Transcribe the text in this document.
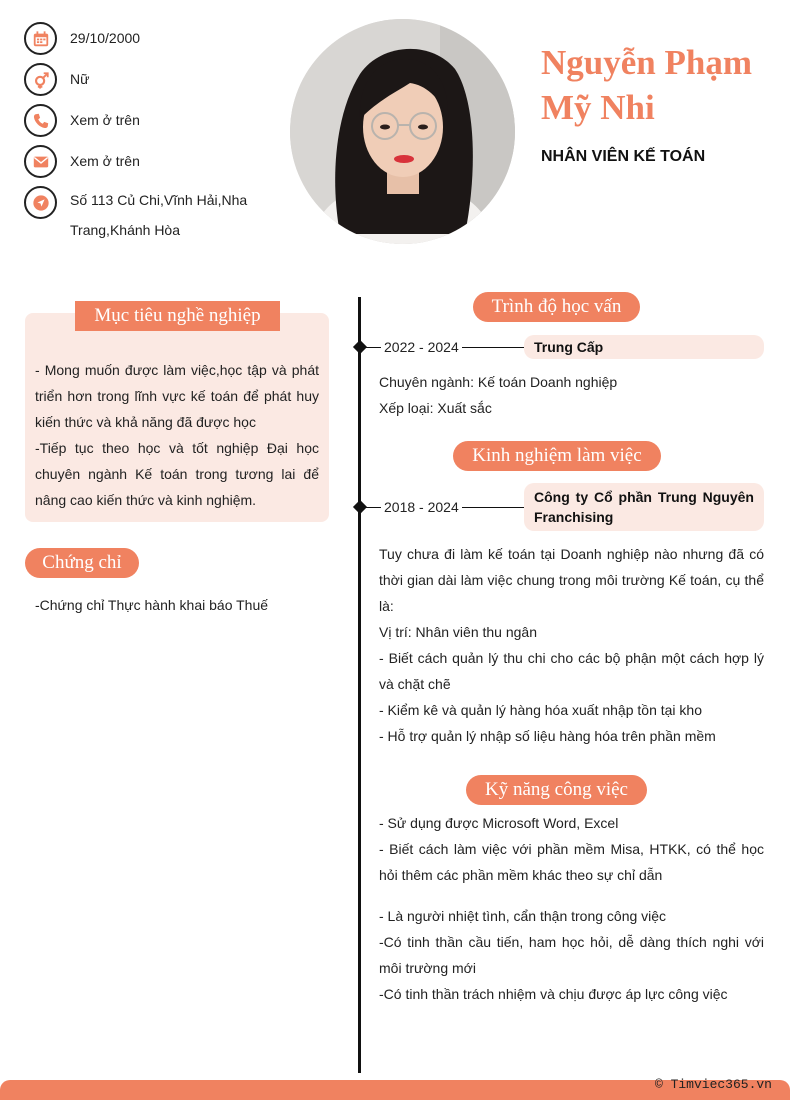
29/10/2000
Nữ
Xem ở trên
Xem ở trên
Số 113 Củ Chi,Vĩnh Hải,Nha Trang,Khánh Hòa
Nguyễn Phạm
Mỹ Nhi
NHÂN VIÊN KẾ TOÁN
Mục tiêu nghề nghiệp
- Mong muốn được làm việc,học tập và phát triển hơn trong lĩnh vực kế toán để phát huy kiến thức và khả năng đã được học
-Tiếp tục theo học và tốt nghiệp Đại học chuyên ngành Kế toán trong tương lai để nâng cao kiến thức và kinh nghiệm.
Chứng chỉ
-Chứng chỉ Thực hành khai báo Thuế
Trình độ học vấn
2022 - 2024	Trung Cấp
Chuyên ngành: Kế toán Doanh nghiệp
Xếp loại: Xuất sắc
Kinh nghiệm làm việc
2018 - 2024
Công ty Cổ phần Trung Nguyên Franchising
Tuy chưa đi làm kế toán tại Doanh nghiệp nào nhưng đã có thời gian dài làm việc chung trong môi trường Kế toán, cụ thể là:
Vị trí: Nhân viên thu ngân
- Biết cách quản lý thu chi cho các bộ phận một cách hợp lý và chặt chẽ
- Kiểm kê và quản lý hàng hóa xuất nhập tồn tại kho
- Hỗ trợ quản lý nhập số liệu hàng hóa trên phần mềm
Kỹ năng công việc
- Sử dụng được Microsoft Word, Excel
- Biết cách làm việc với phần mềm Misa, HTKK, có thể học hỏi thêm các phần mềm khác theo sự chỉ dẫn
- Là người nhiệt tình, cẩn thận trong công việc
-Có tinh thần cầu tiến, ham học hỏi, dễ dàng thích nghi với môi trường mới
-Có tinh thần trách nhiệm và chịu được áp lực công việc
© Timviec365.vn
